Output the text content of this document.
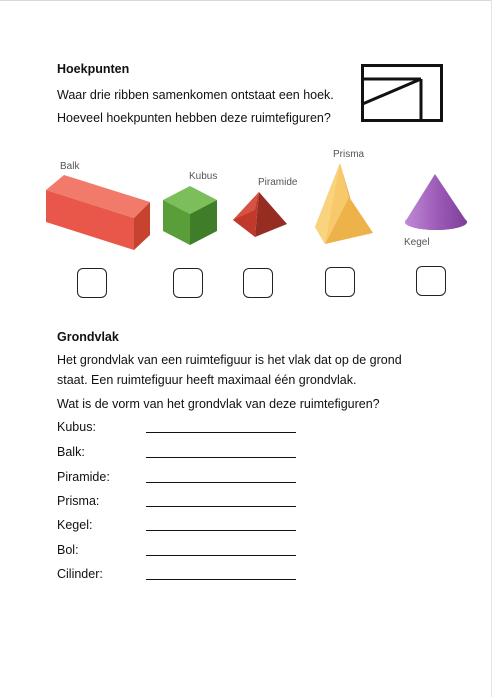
Hoekpunten
Waar drie ribben samenkomen ontstaat een hoek.
Hoeveel hoekpunten hebben deze ruimtefiguren?
Balk
Kubus
Piramide
Prisma
Kegel
Grondvlak
Het grondvlak van een ruimtefiguur is het vlak dat op de grond
staat. Een ruimtefiguur heeft maximaal één grondvlak.
Wat is de vorm van het grondvlak van deze ruimtefiguren?
Kubus:
Balk:
Piramide:
Prisma:
Kegel:
Bol:
Cilinder:
